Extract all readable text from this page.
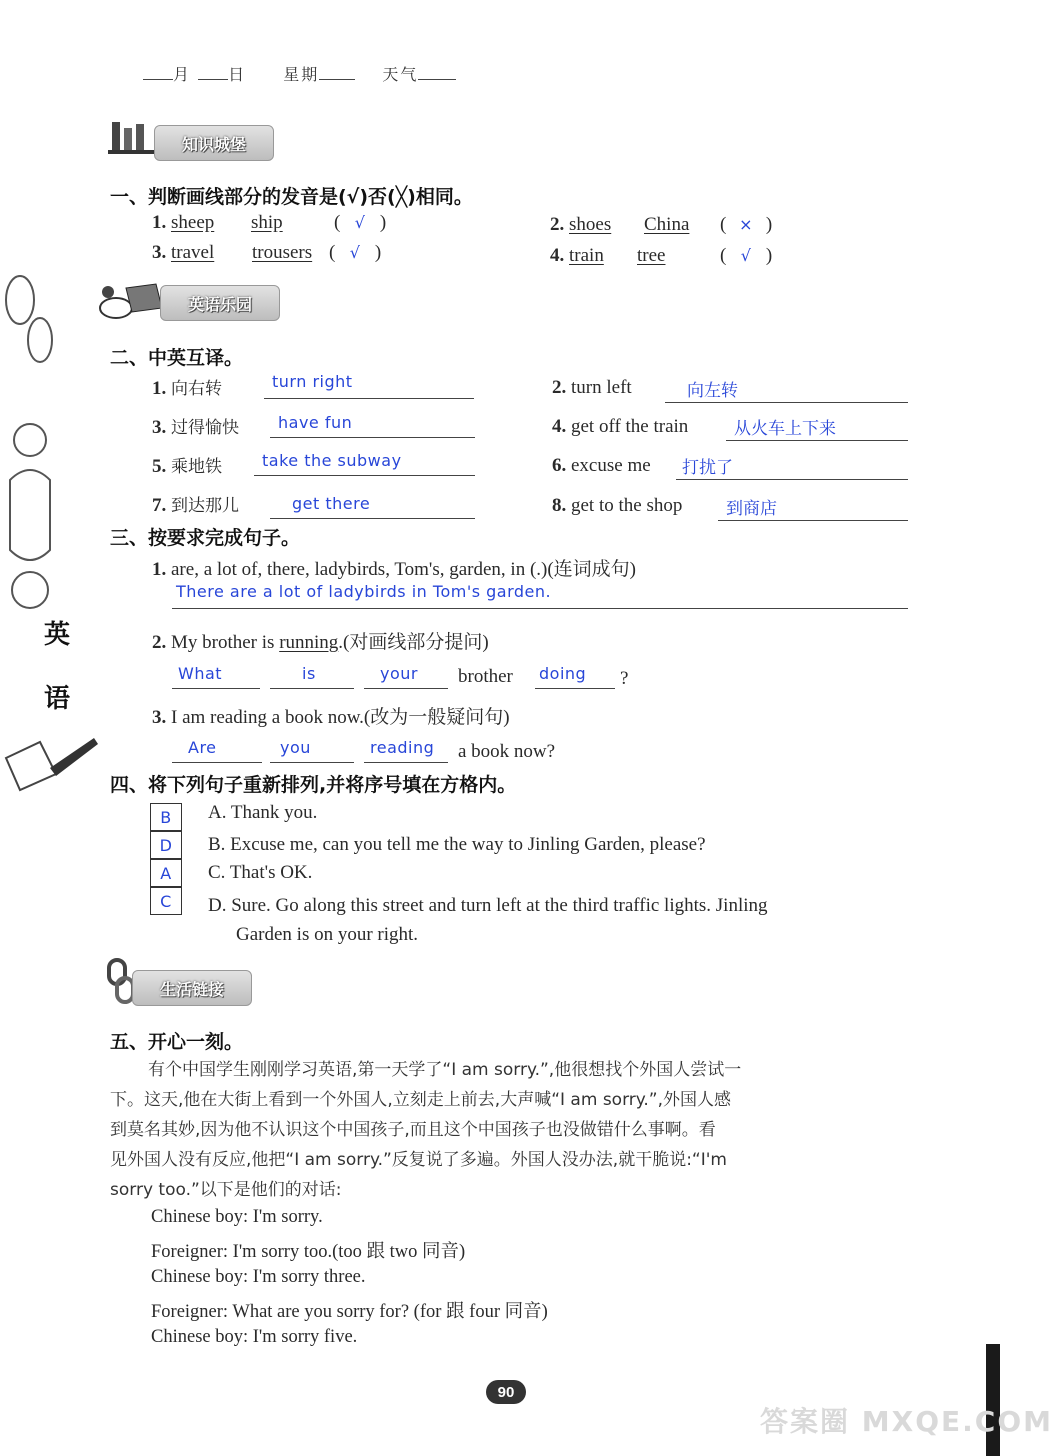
月 日 星期	天气
知识城堡
一、判断画线部分的发音是(√)否(╳)相同。
1. sheep ship	( √ )	2. shoes China ( × )
3. travel trousers ( √ )	4. train tree	( √ )
英语乐园
二、中英互译。
1. 向右转	turn right	2. turn left	向左转
3. 过得愉快	have fun	4. get off the train	从火车上下来
5. 乘地铁	take the subway	6. excuse me	打扰了
7. 到达那儿	get there	8. get to the shop	到商店
三、按要求完成句子。
1. are, a lot of, there, ladybirds, Tom's, garden, in (.)(连词成句)
There are a lot of ladybirds in Tom's garden.
2. My brother is running.(对画线部分提问)
What	is	your	brother doing	?
3. I am reading a book now.(改为一般疑问句)
Are	you	reading	a book now?
四、将下列句子重新排列,并将序号填在方格内。
B
D
A
C
A. Thank you.
B. Excuse me, can you tell me the way to Jinling Garden, please?
C. That's OK.
D. Sure. Go along this street and turn left at the third traffic lights. Jinling
Garden is on your right.
生活链接
五、开心一刻。
有个中国学生刚刚学习英语,第一天学了“I am sorry.”,他很想找个外国人尝试一
下。这天,他在大街上看到一个外国人,立刻走上前去,大声喊“I am sorry.”,外国人感
到莫名其妙,因为他不认识这个中国孩子,而且这个中国孩子也没做错什么事啊。看
见外国人没有反应,他把“I am sorry.”反复说了多遍。外国人没办法,就干脆说:“I'm
sorry too.”以下是他们的对话:
Chinese boy: I'm sorry.
Foreigner: I'm sorry too.(too 跟 two 同音)
Chinese boy: I'm sorry three.
Foreigner: What are you sorry for? (for 跟 four 同音)
Chinese boy: I'm sorry five.
英
语
90
答案圈 MXQE.COM
